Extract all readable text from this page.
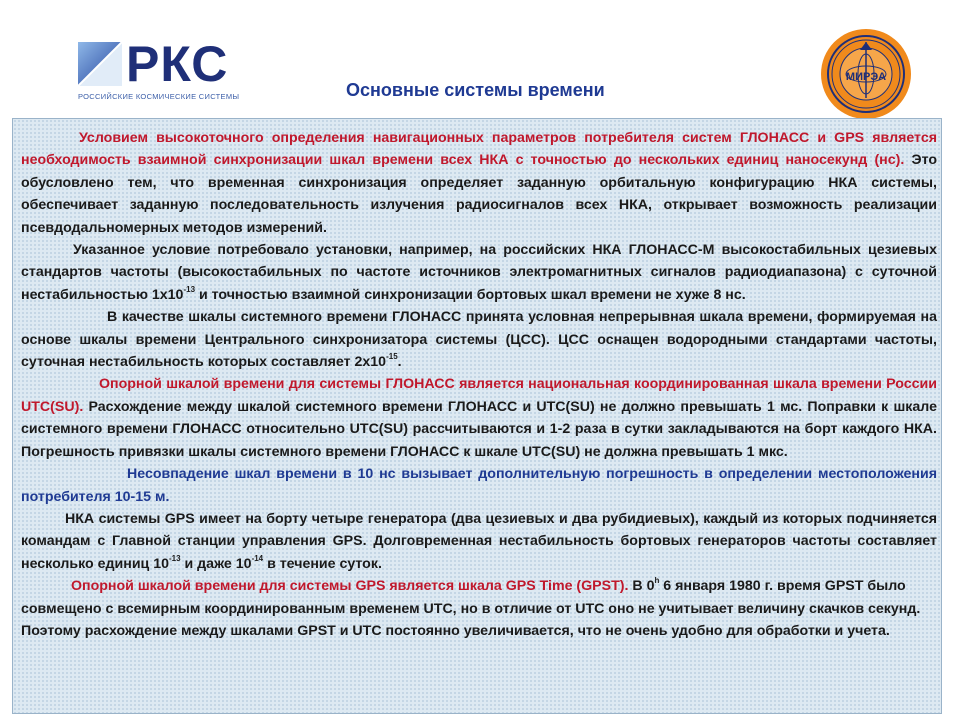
РКС
РОССИЙСКИЕ КОСМИЧЕСКИЕ СИСТЕМЫ
МИРЭА
Основные системы времени

Условием высокоточного определения навигационных параметров потребителя систем ГЛОНАСС и GPS является необходимость взаимной синхронизации шкал времени всех НКА с точностью до нескольких единиц наносекунд (нс). Это обусловлено тем, что временная синхронизация определяет заданную орбитальную конфигурацию НКА системы, обеспечивает заданную последовательность излучения радиосигналов всех НКА, открывает возможность реализации псевдодальномерных методов измерений.

Указанное условие потребовало установки, например, на российских НКА ГЛОНАСС-М высокостабильных цезиевых стандартов частоты (высокостабильных по частоте источников электромагнитных сигналов радиодиапазона) с суточной нестабильностью $1х10^{-13}$ и точностью взаимной синхронизации бортовых шкал времени не хуже 8 нс.

В качестве шкалы системного времени ГЛОНАСС принята условная непрерывная шкала времени, формируемая на основе шкалы времени Центрального синхронизатора системы (ЦСС). ЦСС оснащен водородными стандартами частоты, суточная нестабильность которых составляет $2х10^{-15}$.

Опорной шкалой времени для системы ГЛОНАСС является национальная координированная шкала времени России UTC(SU). Расхождение между шкалой системного времени ГЛОНАСС и UTC(SU) не должно превышать 1 мс. Поправки к шкале системного времени ГЛОНАСС относительно UTC(SU) рассчитываются и 1-2 раза в сутки закладываются на борт каждого НКА. Погрешность привязки шкалы системного времени ГЛОНАСС к шкале UTC(SU) не должна превышать 1 мкс.

Несовпадение шкал времени в 10 нс вызывает дополнительную погрешность в определении местоположения потребителя 10-15 м.

НКА системы GPS имеет на борту четыре генератора (два цезиевых и два рубидиевых), каждый из которых подчиняется командам с Главной станции управления GPS. Долговременная нестабильность бортовых генераторов частоты составляет несколько единиц $10^{-13}$ и даже $10^{-14}$ в течение суток.

Опорной шкалой времени для системы GPS является шкала GPS Time (GPST). В 0$^h$ 6 января 1980 г. время GPST было совмещено с всемирным координированным временем UTC, но в отличие от UTC оно не учитывает величину скачков секунд. Поэтому расхождение между шкалами GPST и UTC постоянно увеличивается, что не очень удобно для обработки и учета.
